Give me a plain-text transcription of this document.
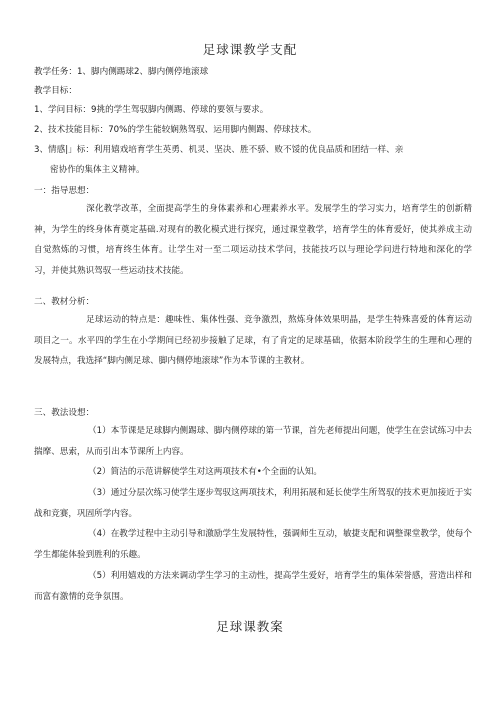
足球课教学支配
教学任务：1、脚内侧踢球2、脚内侧停地滚球
教学目标：
1、学问目标：9挑的学生驾驭脚内侧踢、停球的要领与要求。
2、技术技能目标：70%的学生能较娴熟驾驭、运用脚内侧踢、停球技术。
3、情感|」标：利用嬉戏培育学生英勇、机灵、坚决、胜不骄、败不馁的优良品质和团结一样、亲
密协作的集体主义精神。
一：指导思想：
深化教学改革，全面提高学生的身体素养和心理素养水平。发展学生的学习实力，培育学生的创新精神，为学生的终身体育奠定基础.对现有的教化模式进行探究，通过课堂教学，培育学生的体育爱好，使其养成主动自觉熬炼的习惯，培育终生体育。让学生对一至二项运动技术学问，技能技巧以与理论学问进行特地和深化的学习，并使其熟识驾驭一些运动技术技能。
二、教材分析：
足球运动的特点是：趣味性、集体性强、竞争激烈，熬炼身体效果明晶，是学生特殊喜爱的体育运动项目之一。水平四的学生在小学期间已经初步接触了足球，有了肯定的足球基础，依据本阶段学生的生理和心理的发展特点，我选择“脚内侧足球、脚内侧停地滚球”作为本节课的主教材。
三、教法设想：
（1）本节课是足球脚内侧踢球、脚内侧停球的第一节课，首先老师提出问题，使学生在尝试练习中去揣摩、思索，从而引出本节课所上内容。
（2）简洁的示范讲解使学生对这两项技术有•个全面的认知。
（3）通过分层次练习使学生逐步驾驭这两项技术，利用拓展和延长使学生所驾驭的技术更加接近于实战和竞赛，巩固所学内容。
（4）在教学过程中主动引导和激励学生发展特性，强调师生互动，敏捷支配和调整课堂教学，使每个学生都能体验到胜利的乐趣。
（5）利用嬉戏的方法来调动学生学习的主动性，提高学生爱好，培育学生的集体荣誉感，营造出样和而富有激情的竞争氛围。
足球课教案
